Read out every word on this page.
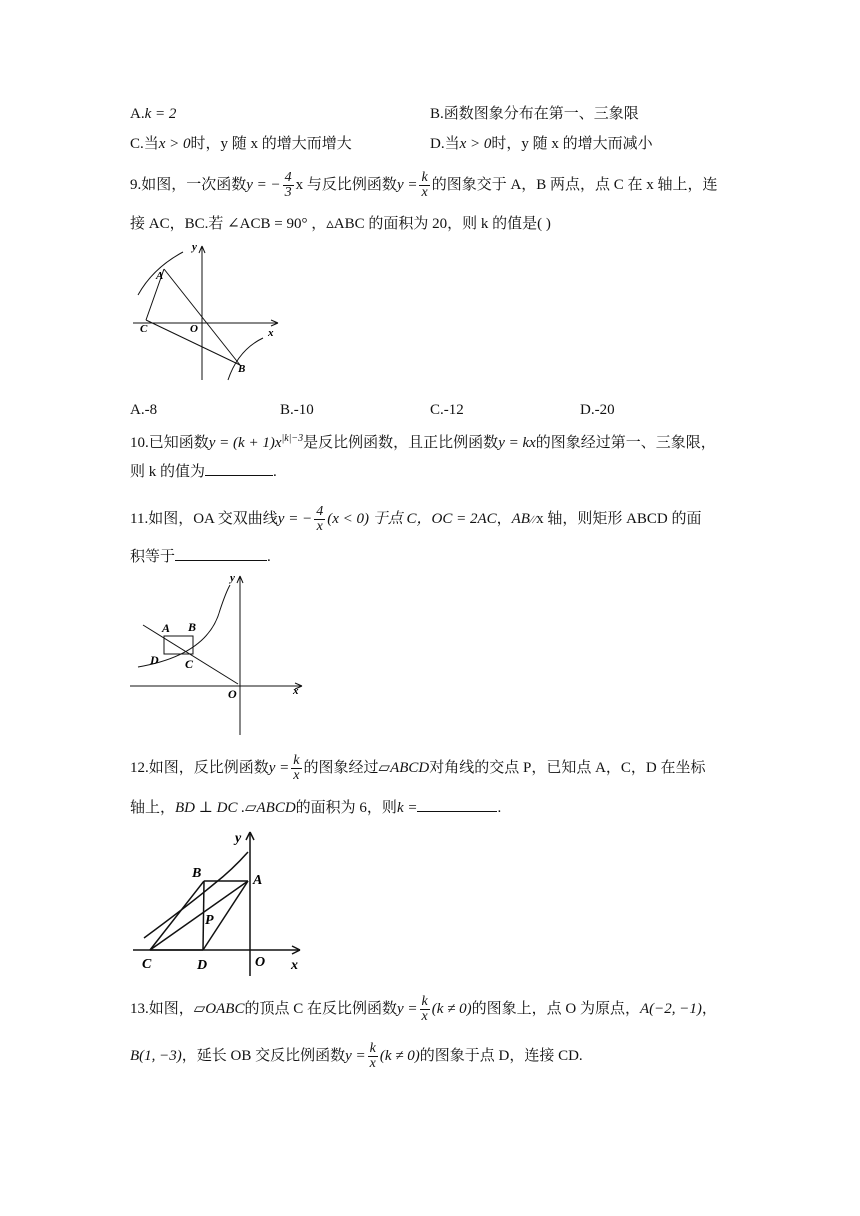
A.k = 2	B.函数图象分布在第一、三象限
C.当x > 0时，y 随 x 的增大而增大	D.当x > 0时，y 随 x 的增大而减小
9.如图，一次函数y = − $\frac{4}{3}$ x 与反比例函数$y = \frac{k}{x}$ 的图象交于 A，B 两点，点 C 在 x 轴上，连
接 AC，BC.若 ∠ACB = 90° ，▵ABC 的面积为 20，则 k 的值是( )
y
x
A
B
C	O
A.-8	B.-10	C.-12	D.-20
10.已知函数$y = (k + 1)x^{|k|-3}$是反比例函数，且正比例函数y = kx的图象经过第一、三象限，
则 k 的值为	.
11.如图，OA 交双曲线y = − $\frac{4}{x} (x < 0)$ 于点 C，OC = 2AC，AB//x 轴，则矩形 ABCD 的面
积等于	.
y
x
A B
C
D
O
12.如图，反比例函数$y = \frac{k}{x}$ 的图象经过▱ABCD对角线的交点 P，已知点 A，C，D 在坐标
轴上，BD ⊥ DC .▱ABCD的面积为 6，则k =	.
y
x
A
B
C	D	O
P
13.如图，▱OABC的顶点 C 在反比例函数$y = \frac{k}{x} (k \ne 0)$的图象上，点 O 为原点，A(−2, −1)，
B(1, −3)，延长 OB 交反比例函数$y = \frac{k}{x} (k \ne 0)$的图象于点 D，连接 CD.
